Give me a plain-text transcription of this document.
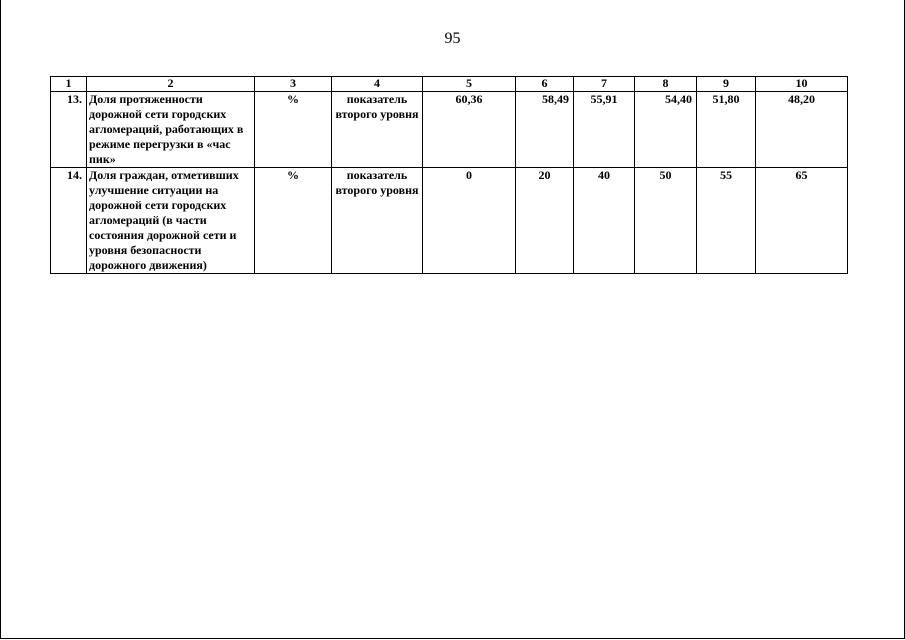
95
1	2	3	4	5	6	7	8	9	10
13.	Доля протяженности дорожной сети городских агломераций, работающих в режиме перегрузки в «час пик»	%	показатель второго уровня	60,36	58,49	55,91	54,40	51,80	48,20
14.	Доля граждан, отметивших улучшение ситуации на дорожной сети городских агломераций (в части состояния дорожной сети и уровня безопасности дорожного движения)	%	показатель второго уровня	0	20	40	50	55	65
